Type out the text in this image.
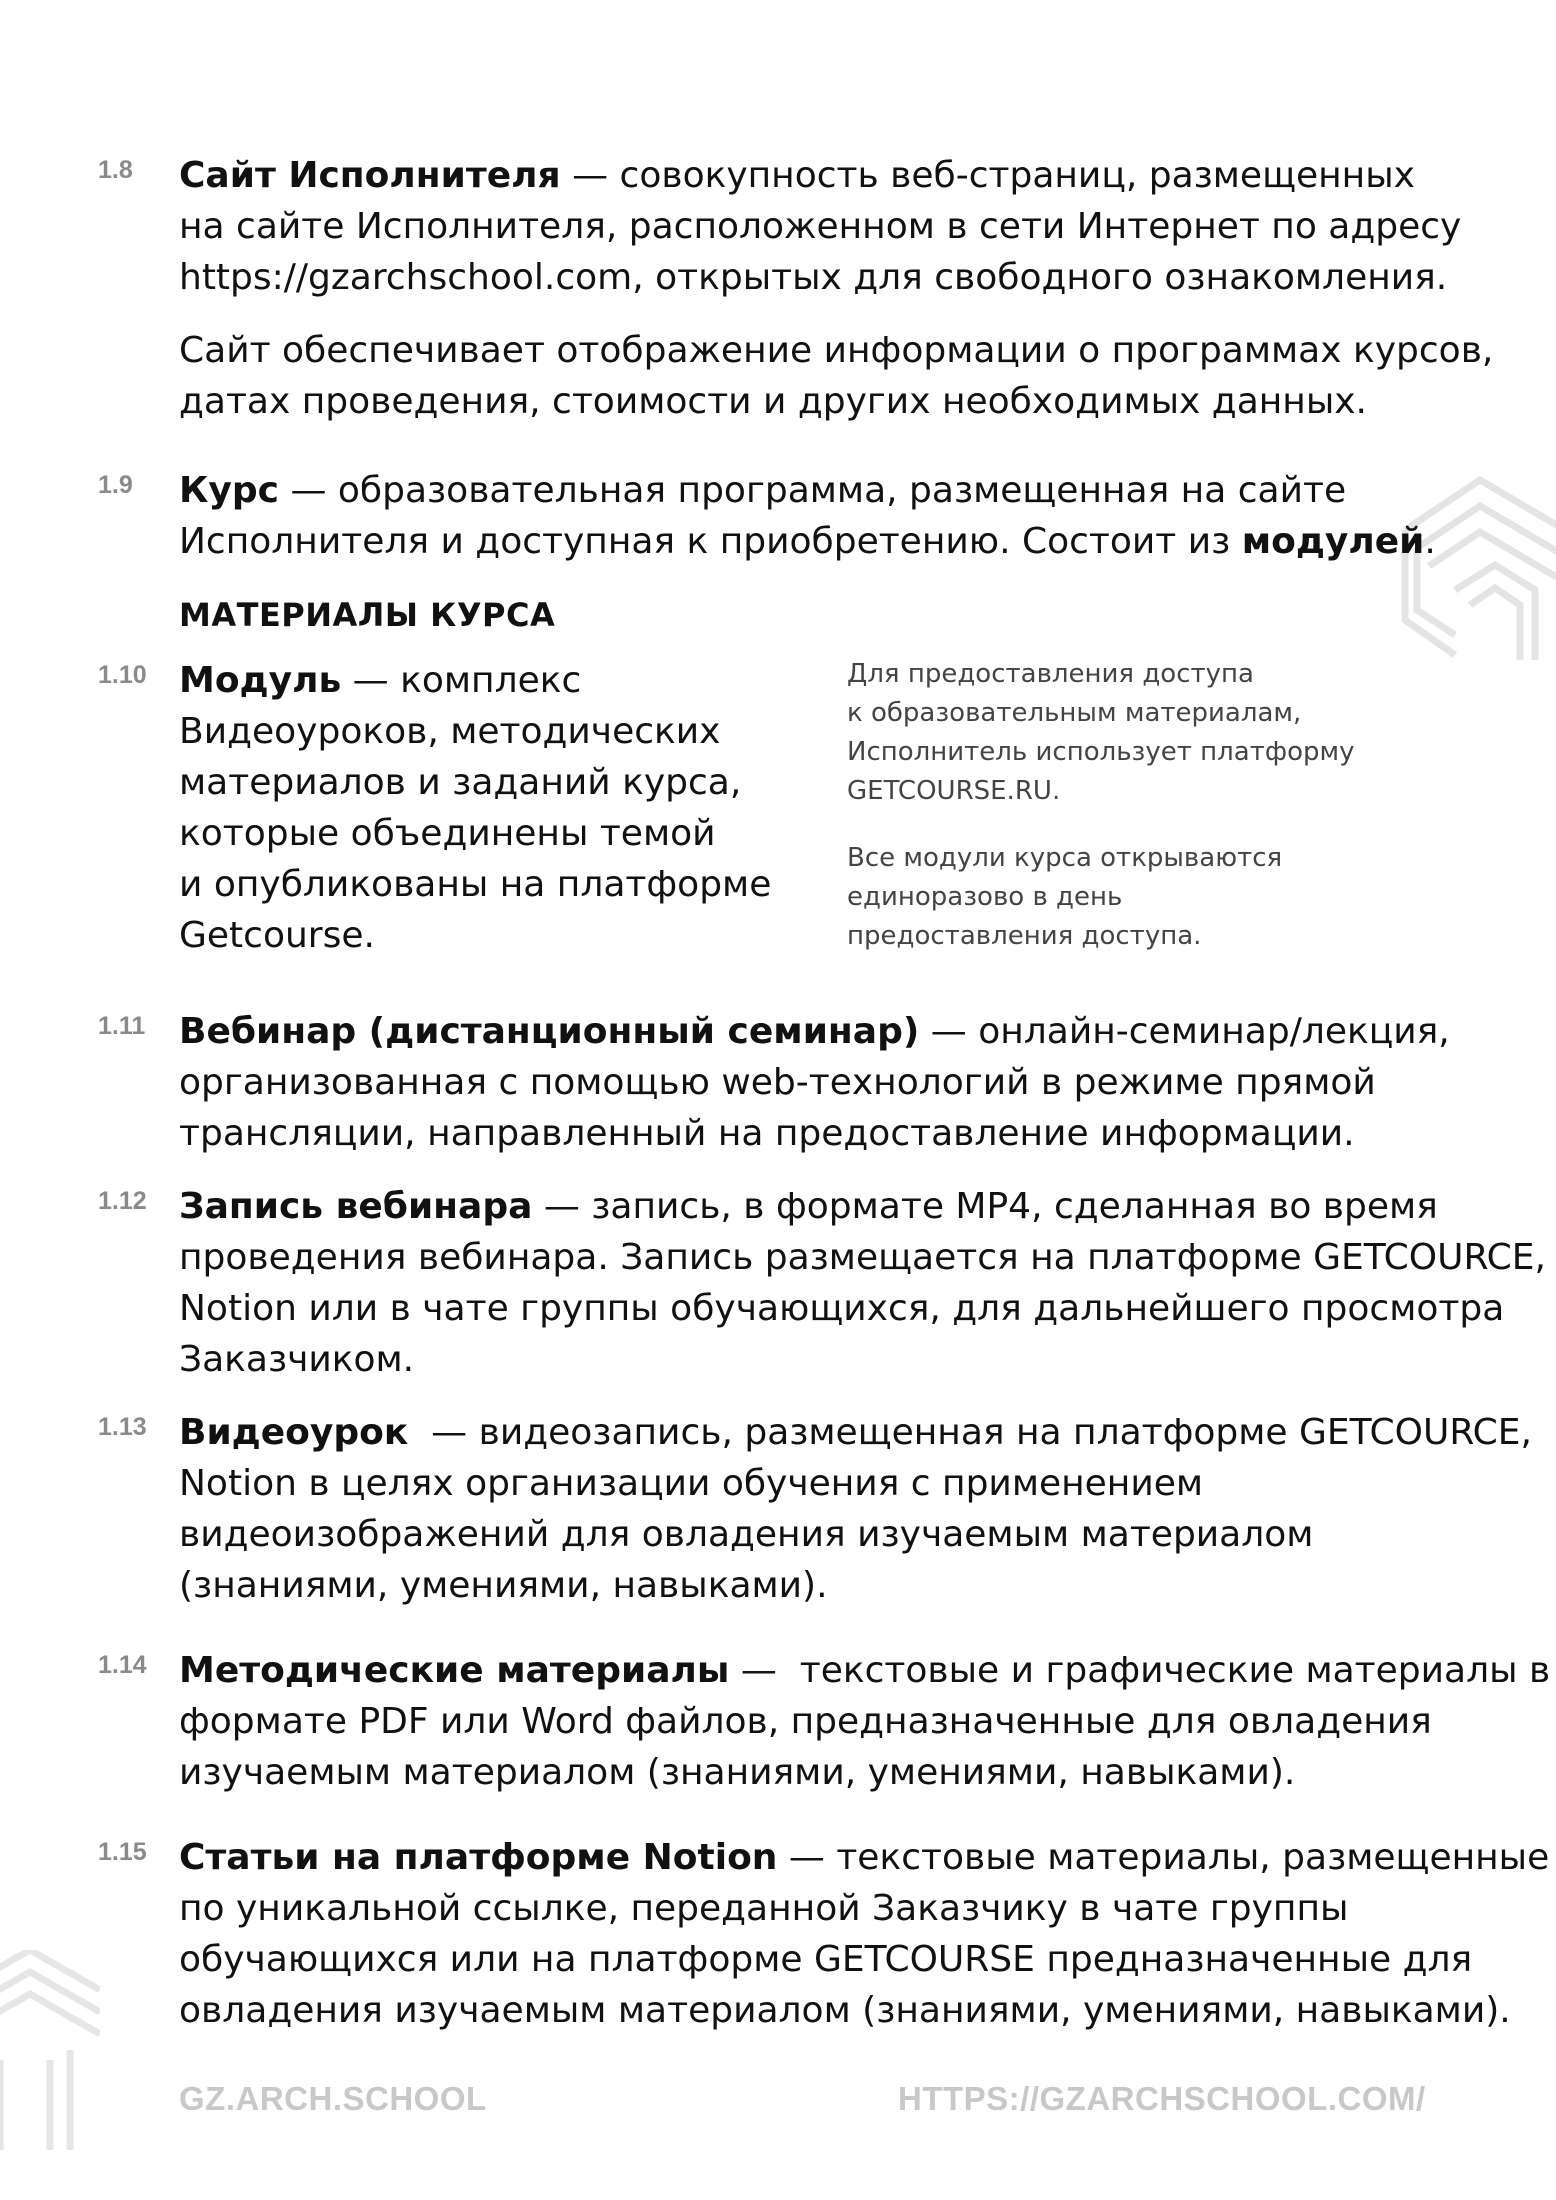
1.8 Сайт Исполнителя — совокупность веб-страниц, размещенных
на сайте Исполнителя, расположенном в сети Интернет по адресу
https://gzarchschool.com, открытых для свободного ознакомления.
Сайт обеспечивает отображение информации о программах курсов,
датах проведения, стоимости и других необходимых данных.
1.9 Курс — образовательная программа, размещенная на сайте
Исполнителя и доступная к приобретению. Состоит из модулей.
МАТЕРИАЛЫ КУРСА
1.10 Модуль — комплекс
Видеоуроков, методических
материалов и заданий курса,
которые объединены темой
и опубликованы на платформе
Getcourse.
Для предоставления доступа
к образовательным материалам,
Исполнитель использует платформу
GETCOURSE.RU.
Все модули курса открываются
единоразово в день
предоставления доступа.
1.11 Вебинар (дистанционный семинар) — онлайн-семинар/лекция,
организованная с помощью web-технологий в режиме прямой
трансляции, направленный на предоставление информации.
1.12 Запись вебинара — запись, в формате MP4, сделанная во время
проведения вебинара. Запись размещается на платформе GETCOURCE,
Notion или в чате группы обучающихся, для дальнейшего просмотра
Заказчиком.
1.13 Видеоурок  — видеозапись, размещенная на платформе GETCOURCE,
Notion в целях организации обучения с применением
видеоизображений для овладения изучаемым материалом
(знаниями, умениями, навыками).
1.14 Методические материалы —  текстовые и графические материалы в
формате PDF или Word файлов, предназначенные для овладения
изучаемым материалом (знаниями, умениями, навыками).
1.15 Статьи на платформе Notion — текстовые материалы, размещенные
по уникальной ссылке, переданной Заказчику в чате группы
обучающихся или на платформе GETCOURSE предназначенные для
овладения изучаемым материалом (знаниями, умениями, навыками).
GZ.ARCH.SCHOOL	HTTPS://GZARCHSCHOOL.COM/
